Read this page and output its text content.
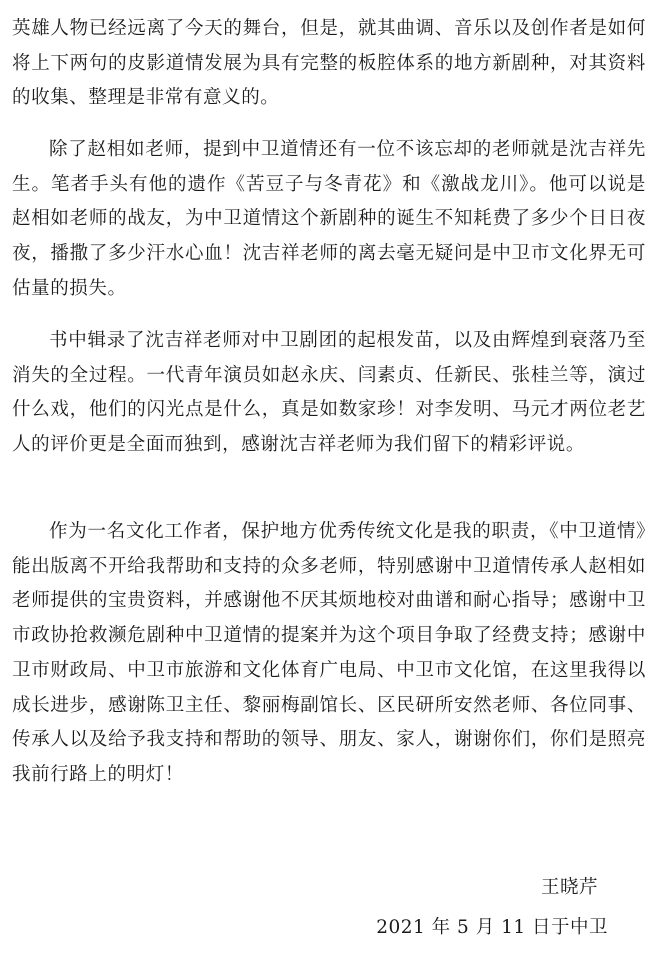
英雄人物已经远离了今天的舞台，但是，就其曲调、音乐以及创作者是如何将上下两句的皮影道情发展为具有完整的板腔体系的地方新剧种，对其资料的收集、整理是非常有意义的。

除了赵相如老师，提到中卫道情还有一位不该忘却的老师就是沈吉祥先生。笔者手头有他的遗作《苦豆子与冬青花》和《激战龙川》。他可以说是赵相如老师的战友，为中卫道情这个新剧种的诞生不知耗费了多少个日日夜夜，播撒了多少汗水心血！沈吉祥老师的离去毫无疑问是中卫市文化界无可估量的损失。

书中辑录了沈吉祥老师对中卫剧团的起根发苗，以及由辉煌到衰落乃至消失的全过程。一代青年演员如赵永庆、闫素贞、任新民、张桂兰等，演过什么戏，他们的闪光点是什么，真是如数家珍！对李发明、马元才两位老艺人的评价更是全面而独到，感谢沈吉祥老师为我们留下的精彩评说。

作为一名文化工作者，保护地方优秀传统文化是我的职责，《中卫道情》能出版离不开给我帮助和支持的众多老师，特别感谢中卫道情传承人赵相如老师提供的宝贵资料，并感谢他不厌其烦地校对曲谱和耐心指导；感谢中卫市政协抢救濒危剧种中卫道情的提案并为这个项目争取了经费支持；感谢中卫市财政局、中卫市旅游和文化体育广电局、中卫市文化馆，在这里我得以成长进步，感谢陈卫主任、黎丽梅副馆长、区民研所安然老师、各位同事、传承人以及给予我支持和帮助的领导、朋友、家人，谢谢你们，你们是照亮我前行路上的明灯！

王晓芹

2021 年 5 月 11 日于中卫
